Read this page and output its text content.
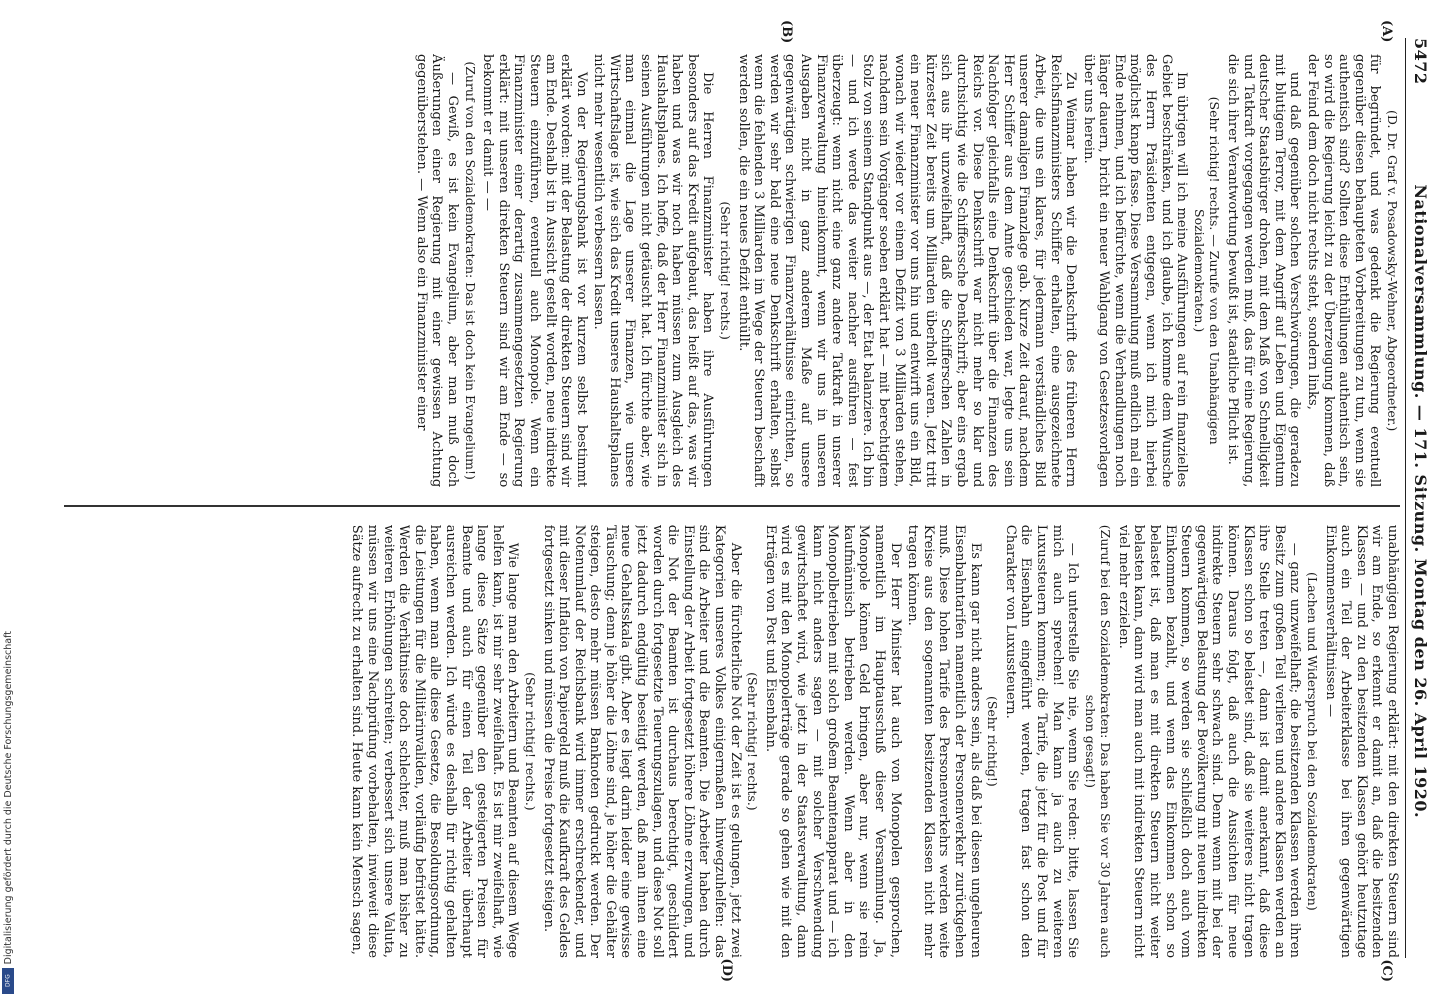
Digitalisierung gefördert durch die Deutsche Forschungsgemeinschaft
DFG
5472
Nationalversammlung. — 171. Sitzung. Montag den 26. April 1920.
(A)
(B)
(C)
(D)

(D. Dr. Graf v. Posadowsky-Wehner, Abgeordneter.)

für begründet, und was gedenkt die Regierung eventuell gegenüber diesen behaupteten Vorbereitungen zu tun, wenn sie authentisch sind? Sollten diese Enthüllungen authentisch sein, so wird die Regierung leicht zu der Überzeugung kommen, daß der Feind dem doch nicht rechts steht, sondern links,

und daß gegenüber solchen Verschwörungen, die geradezu mit blutigem Terror, mit dem Angriff auf Leben und Eigentum deutscher Staatsbürger drohen, mit dem Maß von Schnelligkeit und Tatkraft vorgegangen werden muß, das für eine Regierung, die sich ihrer Verantwortung bewußt ist, staatliche Pflicht ist.

(Sehr richtig! rechts. — Zurufe von den Unabhängigen Sozialdemokraten.)

Im übrigen will ich meine Ausführungen auf rein finanzielles Gebiet beschränken, und ich glaube, ich komme dem Wunsche des Herrn Präsidenten entgegen, wenn ich mich hierbei möglichst knapp fasse. Diese Versammlung muß endlich mal ein Ende nehmen, und ich befürchte, wenn die Verhandlungen noch länger dauern, bricht ein neuer Wahlgang von Gesetzesvorlagen über uns herein.

Zu Weimar haben wir die Denkschrift des früheren Herrn Reichsfinanzministers Schiffer erhalten, eine ausgezeichnete Arbeit, die uns ein klares, für jedermann verständliches Bild unserer damaligen Finanzlage gab. Kurze Zeit darauf, nachdem Herr Schiffer aus dem Amte geschieden war, legte uns sein Nachfolger gleichfalls eine Denkschrift über die Finanzen des Reichs vor. Diese Denkschrift war nicht mehr so klar und durchsichtig wie die Schifferssche Denkschrift; aber eins ergab sich aus ihr unzweifelhaft, daß die Schifferschen Zahlen in kürzester Zeit bereits um Milliarden überholt waren. Jetzt tritt ein neuer Finanzminister vor uns hin und entwirft uns ein Bild, wonach wir wieder vor einem Defizit von 3 Milliarden stehen, nachdem sein Vorgänger soeben erklärt hat — mit berechtigtem Stolz von seinem Standpunkt aus —, der Etat balanziere. Ich bin — und ich werde das weiter nachher ausführen — fest überzeugt: wenn nicht eine ganz andere Tatkraft in unserer Finanzverwaltung hineinkommt, wenn wir uns in unseren Ausgaben nicht in ganz anderem Maße auf unsere gegenwärtigen schwierigen Finanzverhältnisse einrichten, so werden wir sehr bald eine neue Denkschrift erhalten, selbst wenn die fehlenden 3 Milliarden im Wege der Steuern beschafft werden sollen, die ein neues Defizit enthüllt.

(Sehr richtig! rechts.)

Die Herren Finanzminister haben ihre Ausführungen besonders auf das Kredit aufgebaut, das heißt auf das, was wir haben und was wir noch haben müssen zum Ausgleich des Haushaltsplanes. Ich hoffe, daß der Herr Finanzminister sich in seinen Ausführungen nicht getäuscht hat. Ich fürchte aber, wie man einmal die Lage unserer Finanzen, wie unsere Wirtschaftslage ist, wie sich das Kredit unseres Haushaltsplanes nicht mehr wesentlich verbessern lassen.

Von der Regierungsbank ist vor kurzem selbst bestimmt erklärt worden: mit der Belastung der direkten Steuern sind wir am Ende. Deshalb ist in Aussicht gestellt worden, neue indirekte Steuern einzuführen, eventuell auch Monopole. Wenn ein Finanzminister einer derartig zusammengesetzten Regierung erklärt: mit unseren direkten Steuern sind wir am Ende — so bekommt er damit — —

(Zuruf von den Sozialdemokraten: Das ist doch kein Evangelium!)

— Gewiß, es ist kein Evangelium, aber man muß doch Äußerungen einer Regierung mit einer gewissen Achtung gegenüberstehen. — Wenn also ein Finanzminister einer

unabhängigen Regierung erklärt: mit den direkten Steuern sind wir am Ende, so erkennt er damit an, daß die besitzenden Klassen — und zu den besitzenden Klassen gehört heutzutage auch ein Teil der Arbeiterklasse bei ihren gegenwärtigen Einkommensverhältnissen —

(Lachen und Widerspruch bei den Sozialdemokraten)

— ganz unzweifelhaft; die besitzenden Klassen werden ihren Besitz zum großen Teil verlieren und andere Klassen werden an ihre Stelle treten —, dann ist damit anerkannt, daß diese Klassen schon so belastet sind, daß sie weiteres nicht tragen können. Daraus folgt, daß auch die Aussichten für neue indirekte Steuern sehr schwach sind. Denn wenn mit bei der gegenwärtigen Belastung der Bevölkerung mit neuen indirekten Steuern kommen, so werden sie schließlich doch auch vom Einkommen bezahlt, und wenn das Einkommen schon so belastet ist, daß man es mit direkten Steuern nicht weiter belasten kann, dann wird man auch mit indirekten Steuern nicht viel mehr erzielen.

(Zuruf bei den Sozialdemokraten: Das haben Sie vor 30 Jahren auch schon gesagt!)

— Ich unterstelle Sie nie, wenn Sie reden: bitte, lassen Sie mich auch sprechen! Man kann ja auch zu weiteren Luxussteuern kommen; die Tarife, die jetzt für die Post und für die Eisenbahn eingeführt werden, tragen fast schon den Charakter von Luxussteuern.

(Sehr richtig!)

Es kann gar nicht anders sein, als daß bei diesen ungeheuren Eisenbahntarifen namentlich der Personenverkehr zurückgehen muß. Diese hohen Tarife des Personenverkehrs werden weite Kreise aus den sogenannten besitzenden Klassen nicht mehr tragen können.

Der Herr Minister hat auch von Monopolen gesprochen, namentlich im Hauptausschuß dieser Versammlung. Ja, Monopole können Geld bringen, aber nur, wenn sie rein kaufmännisch betrieben werden. Wenn aber in den Monopolbetrieben mit solch großem Beamtenapparat und — ich kann nicht anders sagen — mit solcher Verschwendung gewirtschaftet wird, wie jetzt in der Staatsverwaltung, dann wird es mit den Monopolerträge gerade so gehen wie mit den Erträgen von Post und Eisenbahn.

(Sehr richtig! rechts.)

Aber die fürchterliche Not der Zeit ist es gelungen, jetzt zwei Kategorien unseres Volkes einigermaßen hinwegzuhelfen: das sind die Arbeiter und die Beamten. Die Arbeiter haben durch Einstellung der Arbeit fortgesetzt höhere Löhne erzwungen, und die Not der Beamten ist durchaus berechtigt, geschildert worden durch fortgesetzte Teuerungszulagen, und diese Not soll jetzt dadurch endgültig beseitigt werden, daß man ihnen eine neue Gehaltsskala gibt. Aber es liegt darin leider eine gewisse Täuschung; denn je höher die Löhne sind, je höher die Gehälter steigen, desto mehr müssen Banknoten gedruckt werden. Der Notenumlauf der Reichsbank wird immer erschreckender, und mit dieser Inflation von Papiergeld muß die Kaufkraft des Geldes fortgesetzt sinken und müssen die Preise fortgesetzt steigen.

(Sehr richtig! rechts.)

Wie lange man den Arbeitern und Beamten auf diesem Wege helfen kann, ist mir sehr zweifelhaft. Es ist mir zweifelhaft, wie lange diese Sätze gegenüber den gesteigerten Preisen für Beamte und auch für einen Teil der Arbeiter überhaupt ausreichen werden. Ich würde es deshalb für richtig gehalten haben, wenn man alle diese Gesetze, die Besoldungsordnung, die Leistungen für die Militärinvaliden, vorläufig befristet hätte. Werden die Verhältnisse doch schlechter, muß man bisher zu weiteren Erhöhungen schreiten; verbessert sich unsere Valuta, müssen wir uns eine Nachprüfung vorbehalten, inwieweit diese Sätze aufrecht zu erhalten sind. Heute kann kein Mensch sagen,
